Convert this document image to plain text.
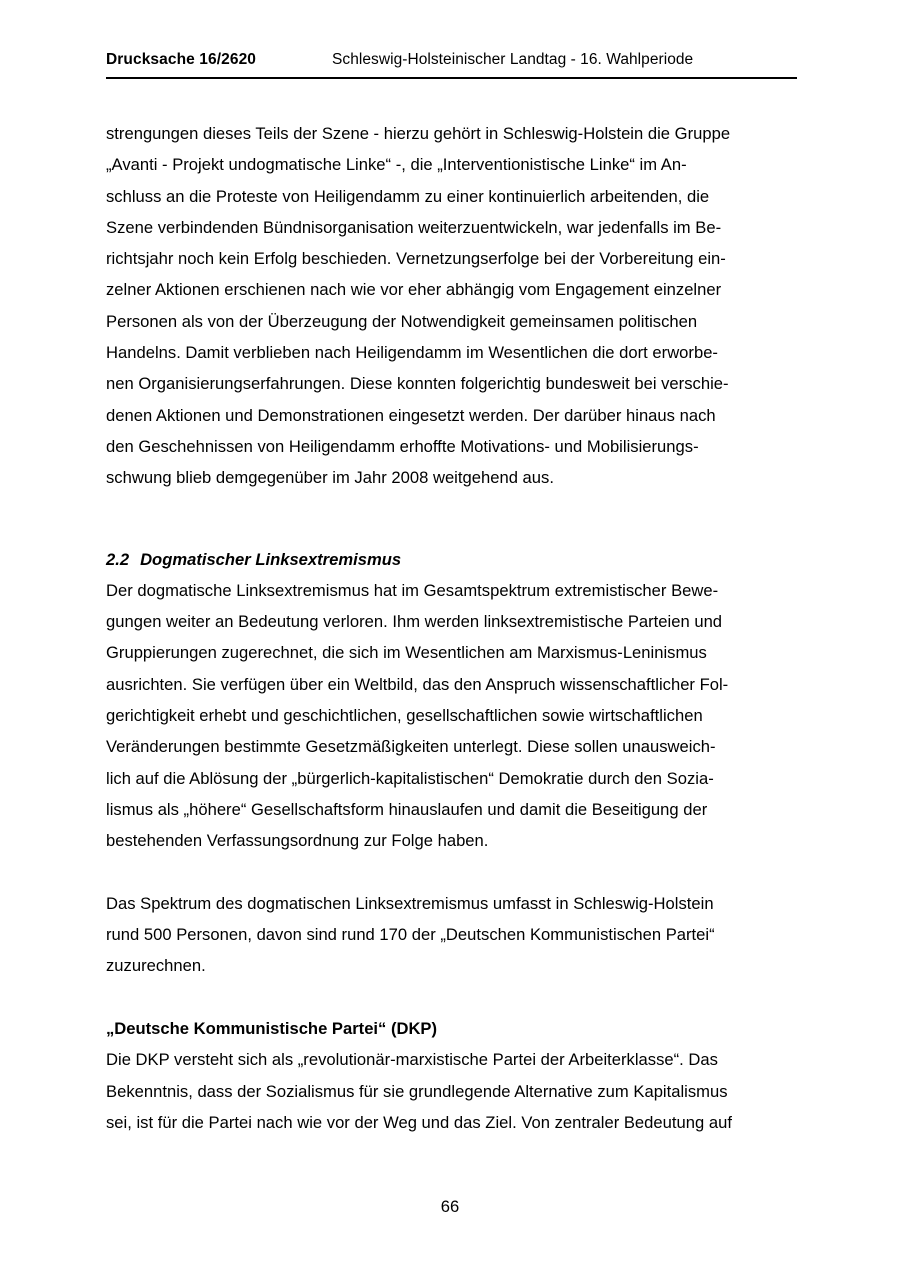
Drucksache 16/2620	Schleswig-Holsteinischer Landtag - 16. Wahlperiode
strengungen dieses Teils der Szene - hierzu gehört in Schleswig-Holstein die Gruppe
„Avanti - Projekt undogmatische Linke“ -, die „Interventionistische Linke“ im An-
schluss an die Proteste von Heiligendamm zu einer kontinuierlich arbeitenden, die
Szene verbindenden Bündnisorganisation weiterzuentwickeln, war jedenfalls im Be-
richtsjahr noch kein Erfolg beschieden. Vernetzungserfolge bei der Vorbereitung ein-
zelner Aktionen erschienen nach wie vor eher abhängig vom Engagement einzelner
Personen als von der Überzeugung der Notwendigkeit gemeinsamen politischen
Handelns. Damit verblieben nach Heiligendamm im Wesentlichen die dort erworbe-
nen Organisierungserfahrungen. Diese konnten folgerichtig bundesweit bei verschie-
denen Aktionen und Demonstrationen eingesetzt werden. Der darüber hinaus nach
den Geschehnissen von Heiligendamm erhoffte Motivations- und Mobilisierungs-
schwung blieb demgegenüber im Jahr 2008 weitgehend aus.
2.2 Dogmatischer Linksextremismus
Der dogmatische Linksextremismus hat im Gesamtspektrum extremistischer Bewe-
gungen weiter an Bedeutung verloren. Ihm werden linksextremistische Parteien und
Gruppierungen zugerechnet, die sich im Wesentlichen am Marxismus-Leninismus
ausrichten. Sie verfügen über ein Weltbild, das den Anspruch wissenschaftlicher Fol-
gerichtigkeit erhebt und geschichtlichen, gesellschaftlichen sowie wirtschaftlichen
Veränderungen bestimmte Gesetzmäßigkeiten unterlegt. Diese sollen unausweich-
lich auf die Ablösung der „bürgerlich-kapitalistischen“ Demokratie durch den Sozia-
lismus als „höhere“ Gesellschaftsform hinauslaufen und damit die Beseitigung der
bestehenden Verfassungsordnung zur Folge haben.
Das Spektrum des dogmatischen Linksextremismus umfasst in Schleswig-Holstein
rund 500 Personen, davon sind rund 170 der „Deutschen Kommunistischen Partei“
zuzurechnen.
„Deutsche Kommunistische Partei“ (DKP)
Die DKP versteht sich als „revolutionär-marxistische Partei der Arbeiterklasse“. Das
Bekenntnis, dass der Sozialismus für sie grundlegende Alternative zum Kapitalismus
sei, ist für die Partei nach wie vor der Weg und das Ziel. Von zentraler Bedeutung auf
66
